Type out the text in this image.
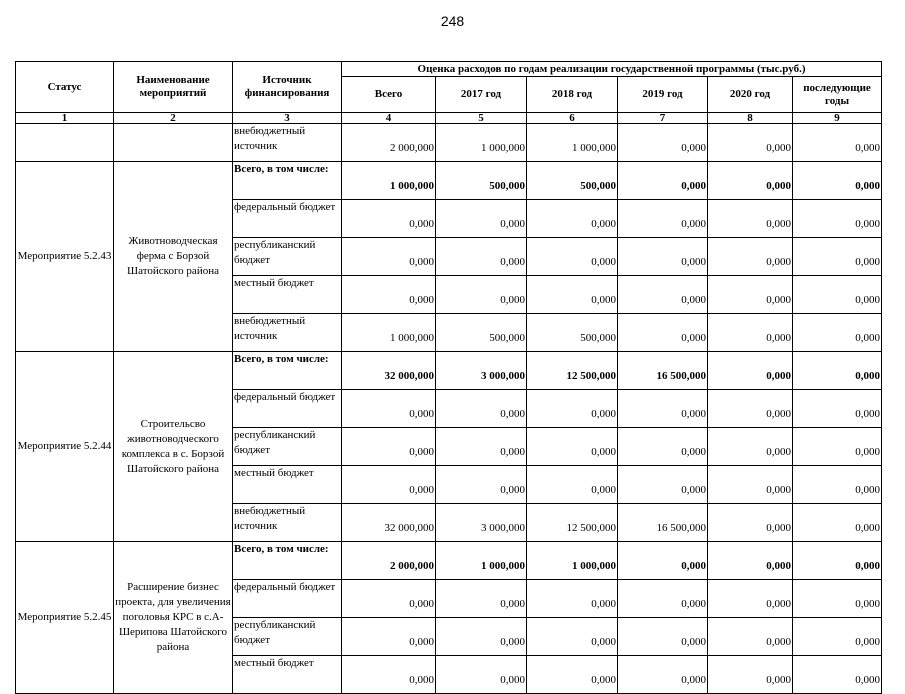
248
Статус	Наименование мероприятий	Источник финансирования	Оценка расходов по годам реализации государственной программы (тыс.руб.)					
			Всего	2017 год	2018 год	2019 год	2020 год	последующие годы
1	2	3	4	5	6	7	8	9
		внебюджетный источник	2 000,000	1 000,000	1 000,000	0,000	0,000	0,000
Мероприятие 5.2.43	Животноводческая ферма с Борзой Шатойского района	Всего, в том числе:	1 000,000	500,000	500,000	0,000	0,000	0,000
		федеральный бюджет	0,000	0,000	0,000	0,000	0,000	0,000
		республиканский бюджет	0,000	0,000	0,000	0,000	0,000	0,000
		местный бюджет	0,000	0,000	0,000	0,000	0,000	0,000
		внебюджетный источник	1 000,000	500,000	500,000	0,000	0,000	0,000
Мероприятие 5.2.44	Строительсво животноводческого комплекса в с. Борзой Шатойского района	Всего, в том числе:	32 000,000	3 000,000	12 500,000	16 500,000	0,000	0,000
		федеральный бюджет	0,000	0,000	0,000	0,000	0,000	0,000
		республиканский бюджет	0,000	0,000	0,000	0,000	0,000	0,000
		местный бюджет	0,000	0,000	0,000	0,000	0,000	0,000
		внебюджетный источник	32 000,000	3 000,000	12 500,000	16 500,000	0,000	0,000
Мероприятие 5.2.45	Расширение бизнес проекта, для увеличения поголовья КРС в с.А-Шерипова Шатойского района	Всего, в том числе:	2 000,000	1 000,000	1 000,000	0,000	0,000	0,000
		федеральный бюджет	0,000	0,000	0,000	0,000	0,000	0,000
		республиканский бюджет	0,000	0,000	0,000	0,000	0,000	0,000
		местный бюджет	0,000	0,000	0,000	0,000	0,000	0,000
